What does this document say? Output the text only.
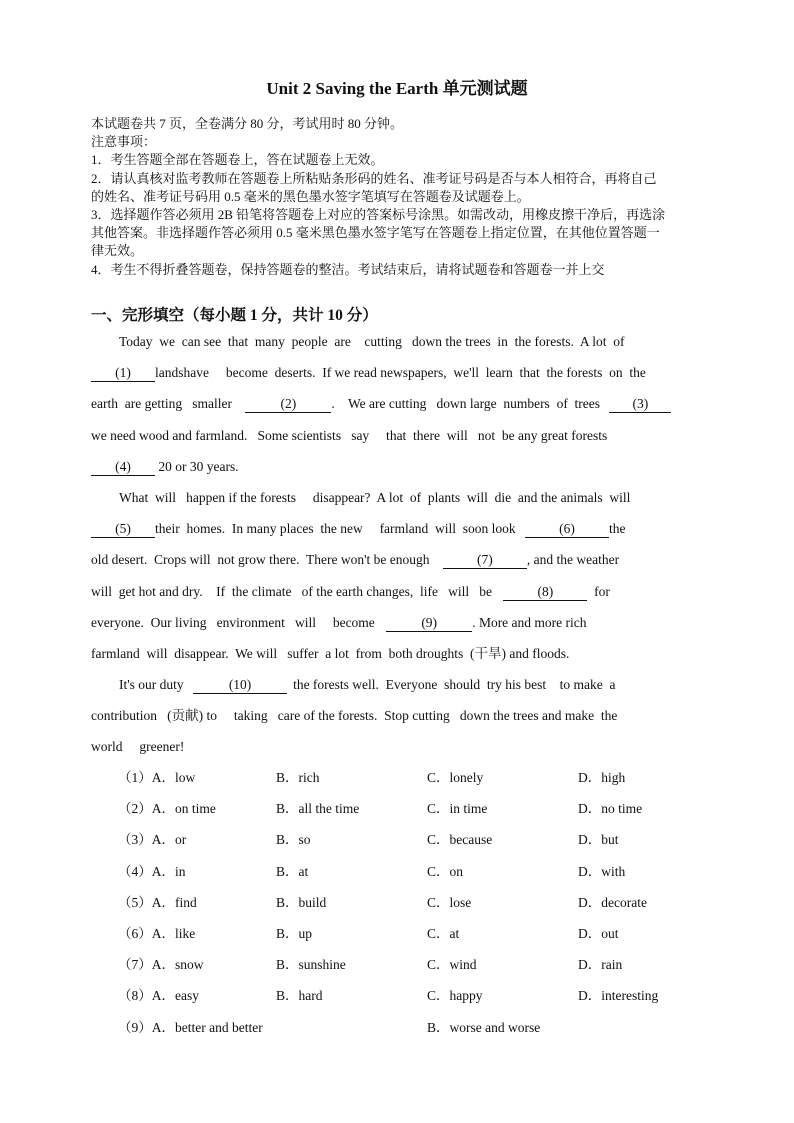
Unit 2 Saving the Earth 单元测试题
本试题卷共 7 页，全卷满分 80 分，考试用时 80 分钟。
注意事项：
1．考生答题全部在答题卷上，答在试题卷上无效。
2．请认真核对监考教师在答题卷上所粘贴条形码的姓名、准考证号码是否与本人相符合，再将自己
的姓名、准考证号码用 0.5 毫米的黑色墨水签字笔填写在答题卷及试题卷上。
3．选择题作答必须用 2B 铅笔将答题卷上对应的答案标号涂黑。如需改动，用橡皮擦干净后，再选涂
其他答案。非选择题作答必须用 0.5 毫米黑色墨水签字笔写在答题卷上指定位置，在其他位置答题一
律无效。
4．考生不得折叠答题卷，保持答题卷的整洁。考试结束后，请将试题卷和答题卷一并上交
一、完形填空（每小题 1 分，共计 10 分）
Today  we  can see  that  many  people  are    cutting   down the trees  in  the forests.  A lot  of
(1) landshave     become  deserts.  If we read newspapers,  we'll  learn  that  the forests  on  the
earth  are getting   smaller	(2)	.    We are cutting   down large  numbers  of  trees (3)
we need wood and farmland.   Some scientists   say     that  there  will   not  be any great forests
(4) 20 or 30 years.
What  will   happen if the forests     disappear?  A lot  of  plants  will  die  and the animals  will
(5) their  homes.  In many places  the new     farmland  will  soon look	(6)	the
old desert.  Crops will  not grow there.  There won't be enough	(7)	, and the weather
will  get hot and dry.    If  the climate   of the earth changes,  life   will   be	(8)	for
everyone.  Our living   environment   will     become	(9)	. More and more rich
farmland  will  disappear.  We will   suffer  a lot  from  both droughts  (干旱) and floods.
It's our duty	(10)	the forests well.  Everyone  should  try his best    to make  a
contribution   (贡献) to     taking   care of the forests.  Stop cutting   down the trees and make  the
world     greener!
（1）A．low	B．rich	C．lonely	D．high
（2）A．on time	B．all the time	C．in time	D．no time
（3）A．or	B．so	C．because	D．but
（4）A．in	B．at	C．on	D．with
（5）A．find	B．build	C．lose	D．decorate
（6）A．like	B．up	C．at	D．out
（7）A．snow	B．sunshine	C．wind	D．rain
（8）A．easy	B．hard	C．happy	D．interesting
（9）A．better and better	B．worse and worse
